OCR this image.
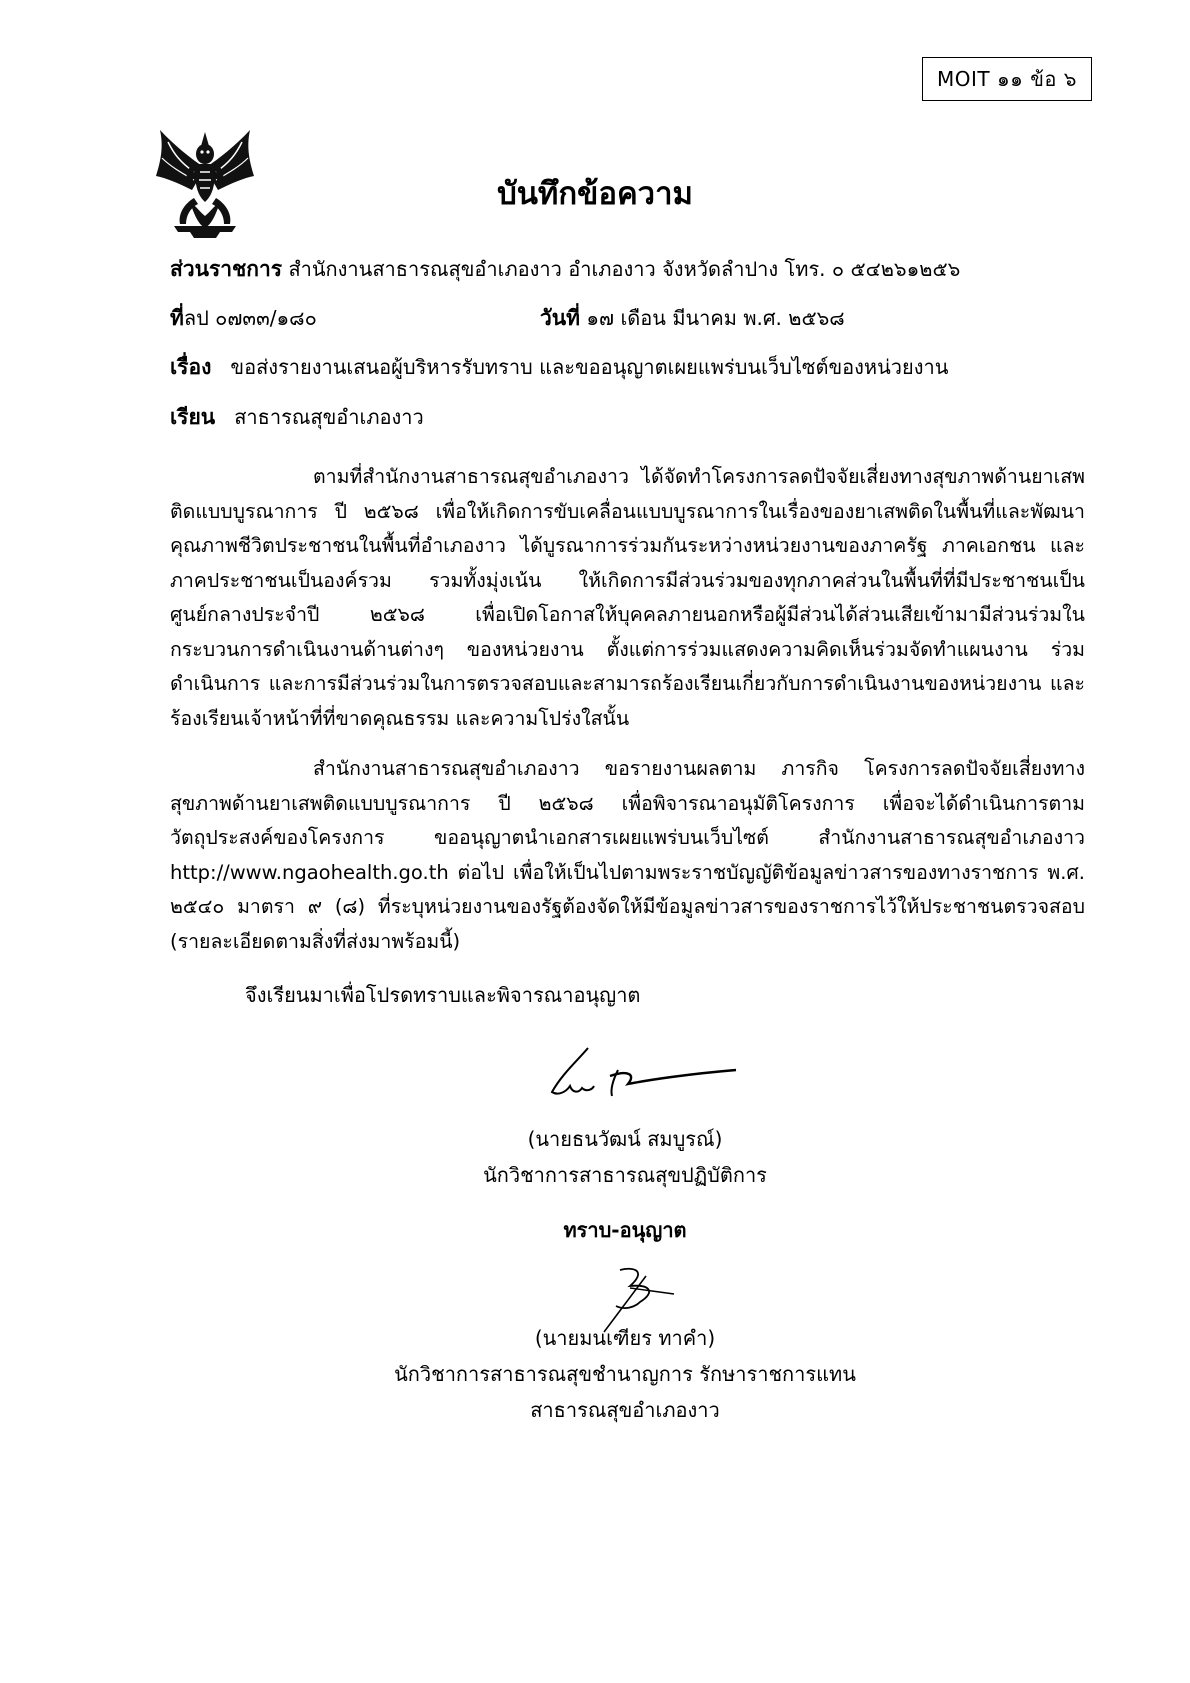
MOIT ๑๑ ข้อ ๖
บันทึกข้อความ
ส่วนราชการ สำนักงานสาธารณสุขอำเภองาว อำเภองาว จังหวัดลำปาง โทร. ๐ ๕๔๒๖๑๒๕๖
ที่ลป ๐๗๓๓/๑๘๐	วันที่ ๑๗ เดือน มีนาคม พ.ศ. ๒๕๖๘
เรื่อง ขอส่งรายงานเสนอผู้บริหารรับทราบ และขออนุญาตเผยแพร่บนเว็บไซต์ของหน่วยงาน
เรียน สาธารณสุขอำเภองาว
ตามที่สำนักงานสาธารณสุขอำเภองาว ได้จัดทำโครงการลดปัจจัยเสี่ยงทางสุขภาพด้านยาเสพติดแบบบูรณาการ ปี ๒๕๖๘ เพื่อให้เกิดการขับเคลื่อนแบบบูรณาการในเรื่องของยาเสพติดในพื้นที่และพัฒนาคุณภาพชีวิตประชาชนในพื้นที่อำเภองาว ได้บูรณาการร่วมกันระหว่างหน่วยงานของภาครัฐ ภาคเอกชน และภาคประชาชนเป็นองค์รวม รวมทั้งมุ่งเน้น ให้เกิดการมีส่วนร่วมของทุกภาคส่วนในพื้นที่ที่มีประชาชนเป็นศูนย์กลางประจำปี ๒๕๖๘ เพื่อเปิดโอกาสให้บุคคลภายนอกหรือผู้มีส่วนได้ส่วนเสียเข้ามามีส่วนร่วมในกระบวนการดำเนินงานด้านต่างๆ ของหน่วยงาน ตั้งแต่การร่วมแสดงความคิดเห็นร่วมจัดทำแผนงาน ร่วมดำเนินการ และการมีส่วนร่วมในการตรวจสอบและสามารถร้องเรียนเกี่ยวกับการดำเนินงานของหน่วยงาน และร้องเรียนเจ้าหน้าที่ที่ขาดคุณธรรม และความโปร่งใสนั้น
สำนักงานสาธารณสุขอำเภองาว ขอรายงานผลตาม ภารกิจ โครงการลดปัจจัยเสี่ยงทางสุขภาพด้านยาเสพติดแบบบูรณาการ ปี ๒๕๖๘ เพื่อพิจารณาอนุมัติโครงการ เพื่อจะได้ดำเนินการตามวัตถุประสงค์ของโครงการ ขออนุญาตนำเอกสารเผยแพร่บนเว็บไซต์ สำนักงานสาธารณสุขอำเภองาว http://www.ngaohealth.go.th ต่อไป เพื่อให้เป็นไปตามพระราชบัญญัติข้อมูลข่าวสารของทางราชการ พ.ศ. ๒๕๔๐ มาตรา ๙ (๘) ที่ระบุหน่วยงานของรัฐต้องจัดให้มีข้อมูลข่าวสารของราชการไว้ให้ประชาชนตรวจสอบ (รายละเอียดตามสิ่งที่ส่งมาพร้อมนี้)
จึงเรียนมาเพื่อโปรดทราบและพิจารณาอนุญาต
(นายธนวัฒน์ สมบูรณ์)
นักวิชาการสาธารณสุขปฏิบัติการ
ทราบ-อนุญาต
(นายมนเฑียร ทาคำ)
นักวิชาการสาธารณสุขชำนาญการ รักษาราชการแทน
สาธารณสุขอำเภองาว
